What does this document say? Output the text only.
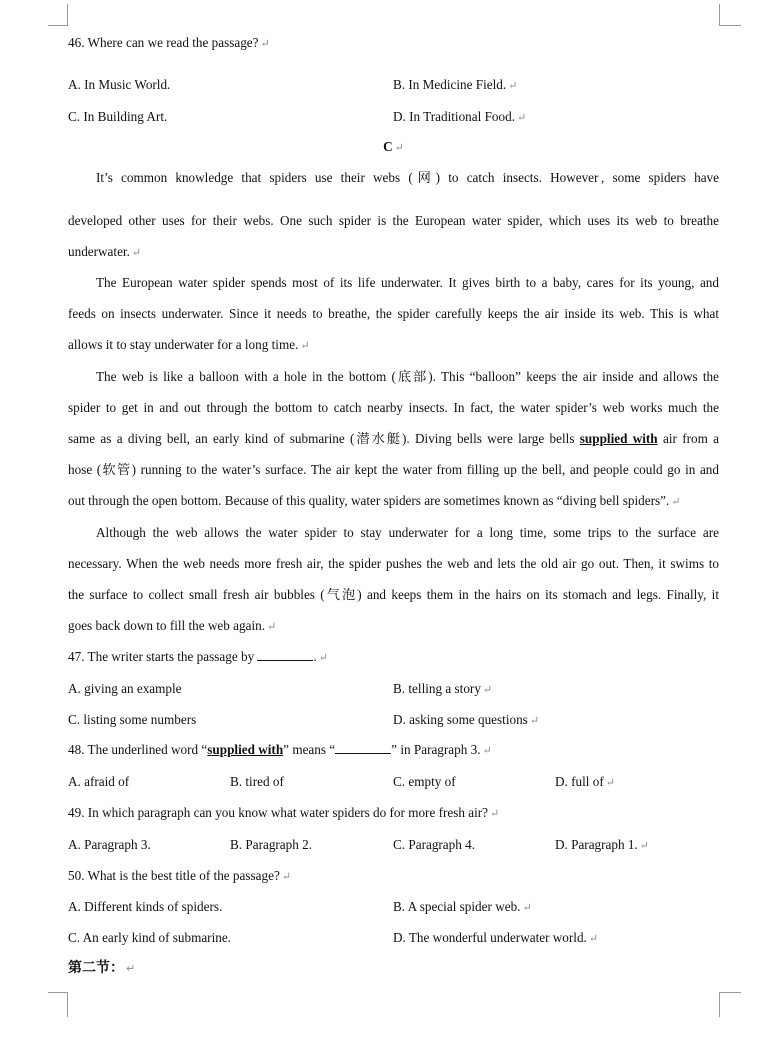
46. Where can we read the passage? ↵
A. In Music World.	B. In Medicine Field. ↵
C. In Building Art.	D. In Traditional Food. ↵
C ↵
It’s common knowledge that spiders use their webs (网) to catch insects. However , some spiders have
developed other uses for their webs. One such spider is the European water spider, which uses its web to breathe
underwater. ↵
The European water spider spends most of its life underwater. It gives birth to a baby, cares for its young, and
feeds on insects underwater. Since it needs to breathe, the spider carefully keeps the air inside its web. This is what
allows it to stay underwater for a long time. ↵
The web is like a balloon with a hole in the bottom (底部). This “balloon” keeps the air inside and allows the
spider to get in and out through the bottom to catch nearby insects. In fact, the water spider’s web works much the
same as a diving bell, an early kind of submarine (潜水艇). Diving bells were large bells supplied with air from a
hose (软管) running to the water’s surface. The air kept the water from filling up the bell, and people could go in and
out through the open bottom. Because of this quality, water spiders are sometimes known as “diving bell spiders”. ↵
Although the web allows the water spider to stay underwater for a long time, some trips to the surface are
necessary. When the web needs more fresh air, the spider pushes the web and lets the old air go out. Then, it swims to
the surface to collect small fresh air bubbles (气泡) and keeps them in the hairs on its stomach and legs. Finally, it
goes back down to fill the web again. ↵
47. The writer starts the passage by	. ↵
A. giving an example	B. telling a story ↵
C. listing some numbers	D. asking some questions ↵
48. The underlined word “supplied with” means “	” in Paragraph 3. ↵
A. afraid of	B. tired of	C. empty of	D. full of ↵
49. In which paragraph can you know what water spiders do for more fresh air? ↵
A. Paragraph 3.	B. Paragraph 2.	C. Paragraph 4.	D. Paragraph 1. ↵
50. What is the best title of the passage? ↵
A. Different kinds of spiders.	B. A special spider web. ↵
C. An early kind of submarine.	D. The wonderful underwater world. ↵
第二节： ↵
